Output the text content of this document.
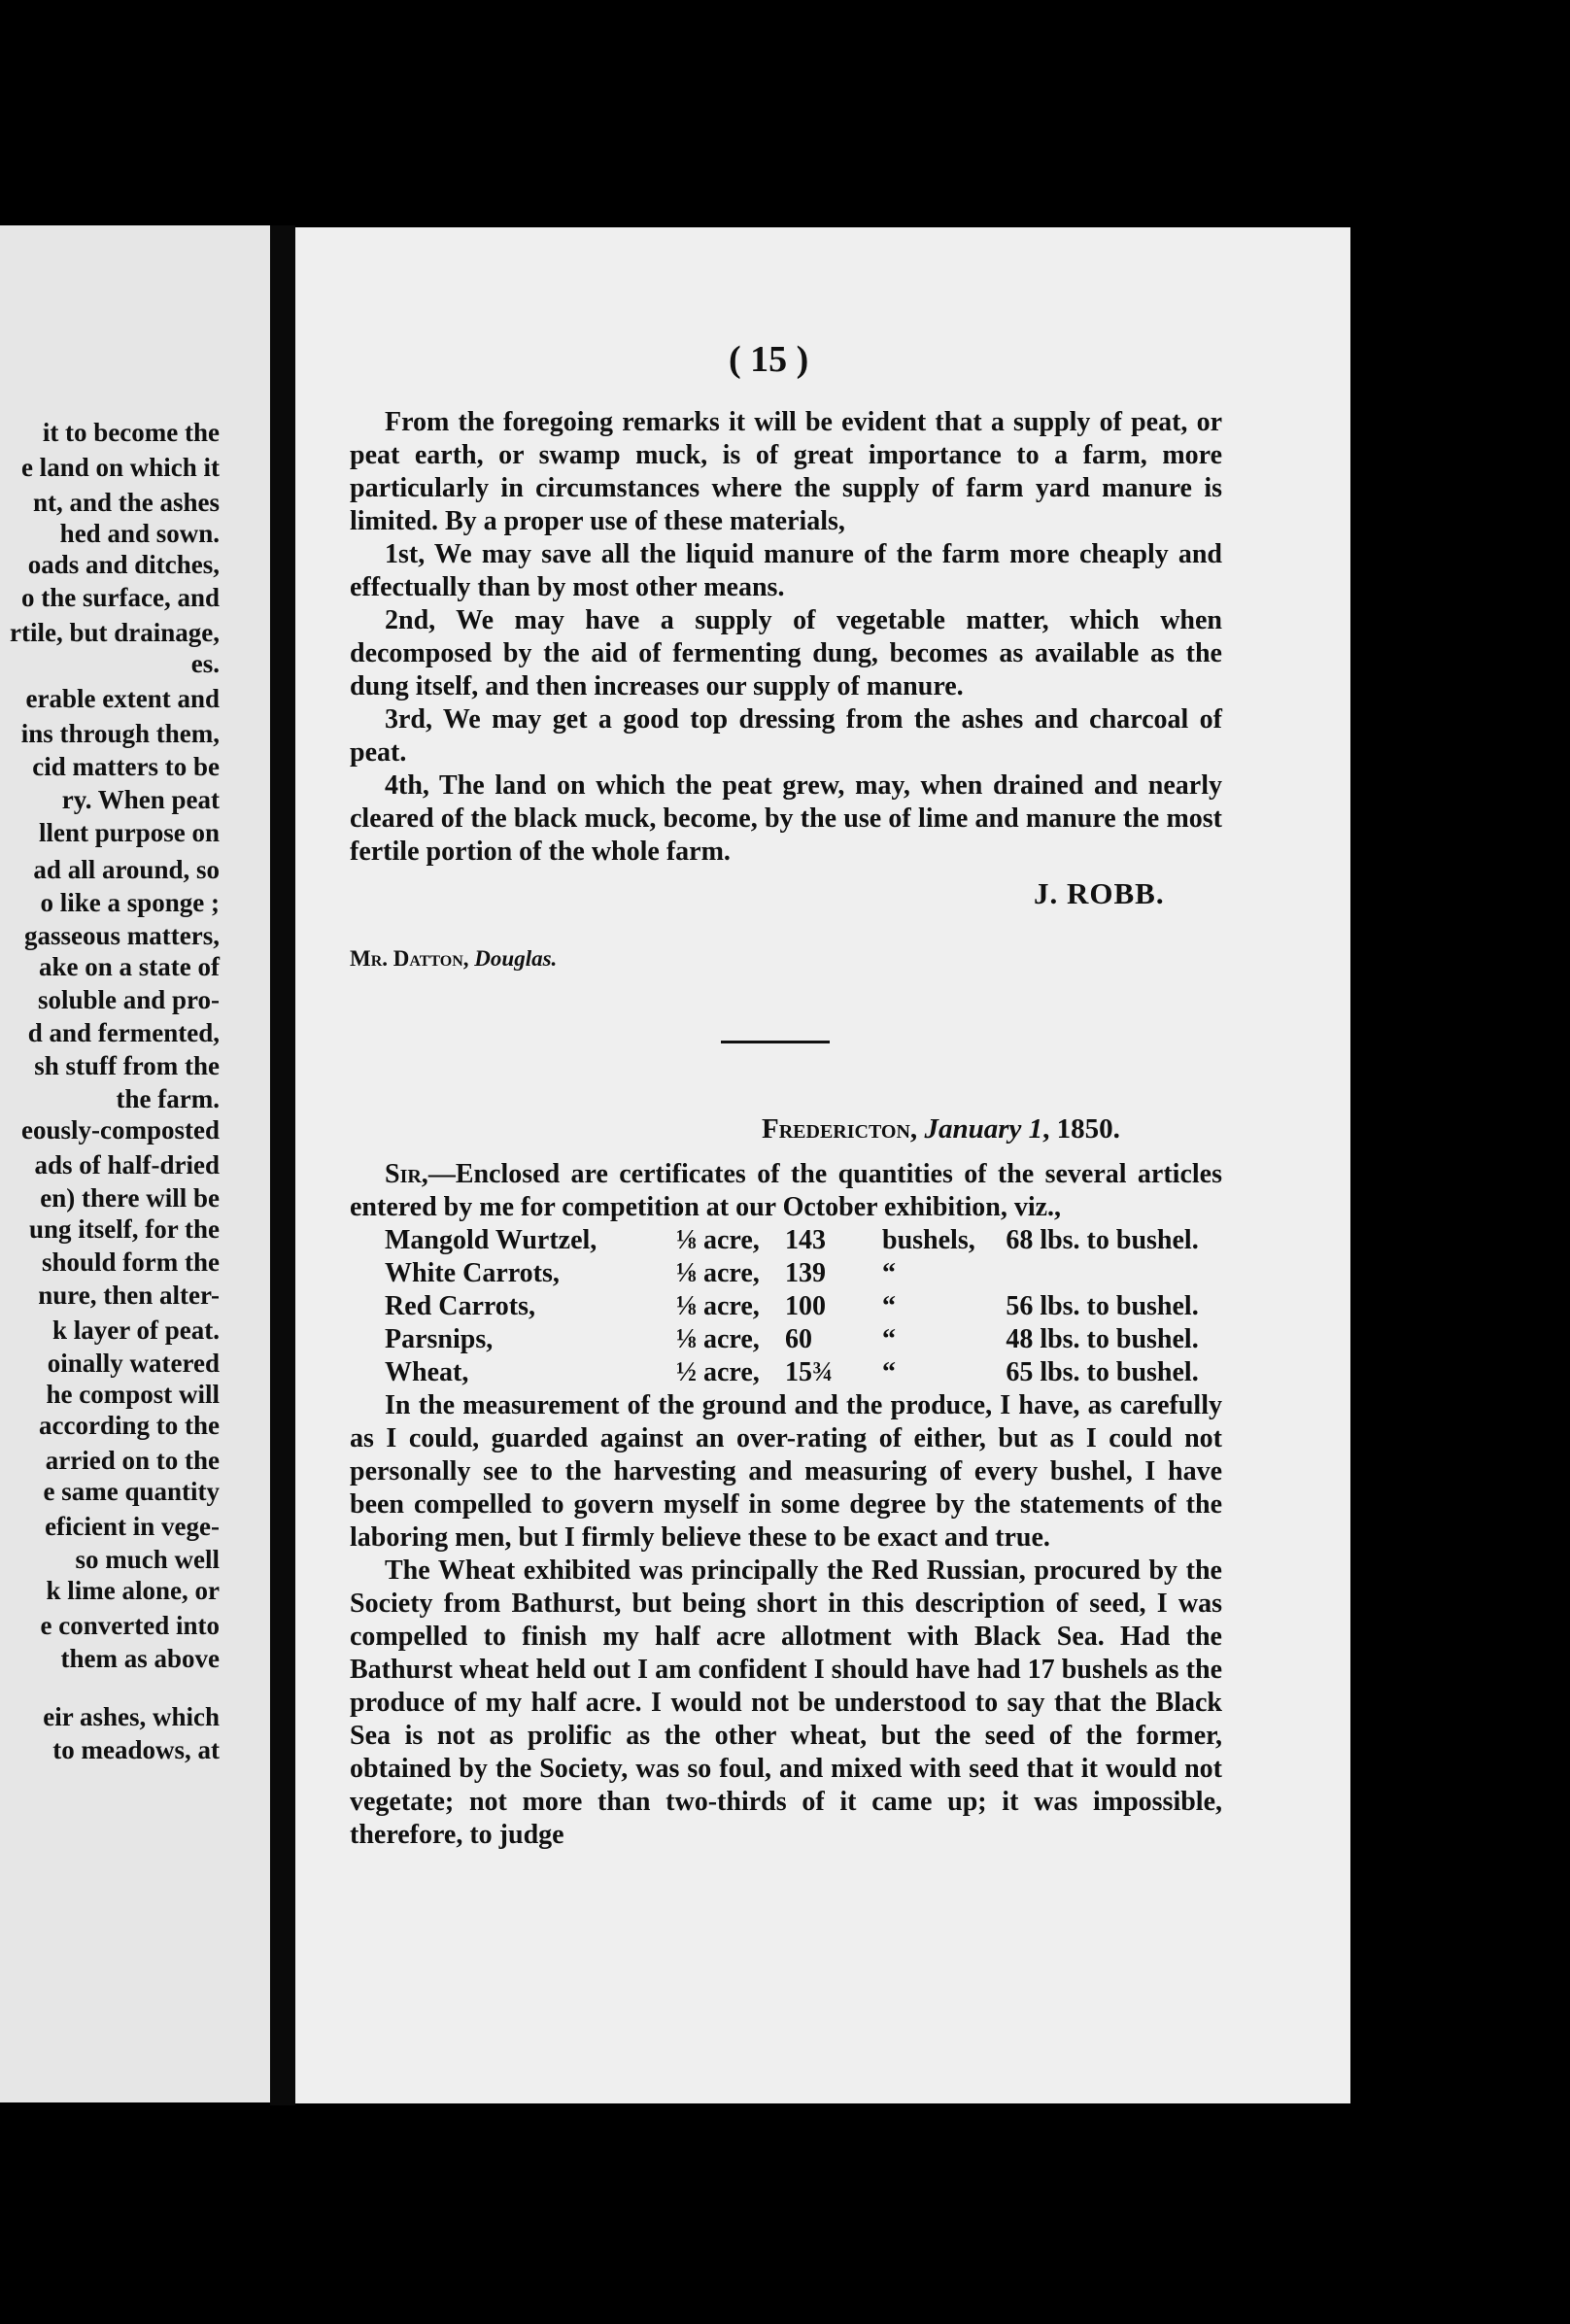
it to become the
e land on which it
nt, and the ashes
hed and sown.
oads and ditches,
o the surface, and
rtile, but drainage,
es.
erable extent and
ins through them,
cid matters to be
ry. When peat
llent purpose on
ad all around, so
o like a sponge ;
gasseous matters,
ake on a state of
soluble and pro-
d and fermented,
sh stuff from the
the farm.
eously-composted
ads of half-dried
en) there will be
ung itself, for the
should form the
nure, then alter-
k layer of peat.
oinally watered
he compost will
according to the
arried on to the
e same quantity
eficient in vege-
so much well
k lime alone, or
e converted into
them as above
eir ashes, which
to meadows, at
( 15 )

From the foregoing remarks it will be evident that a supply of peat, or peat earth, or swamp muck, is of great importance to a farm, more particularly in circumstances where the supply of farm yard manure is limited. By a proper use of these materials,

1st, We may save all the liquid manure of the farm more cheaply and effectually than by most other means.

2nd, We may have a supply of vegetable matter, which when decomposed by the aid of fermenting dung, becomes as available as the dung itself, and then increases our supply of manure.

3rd, We may get a good top dressing from the ashes and charcoal of peat.

4th, The land on which the peat grew, may, when drained and nearly cleared of the black muck, become, by the use of lime and manure the most fertile portion of the whole farm.

J. ROBB.
Mr. Datton, Douglas.
Fredericton, January 1, 1850.

Sir,—Enclosed are certificates of the quantities of the several articles entered by me for competition at our October exhibition, viz.,

Mangold Wurtzel,	⅛ acre,	143	bushels,	68 lbs. to bushel.
White Carrots,	⅛ acre,	139	“	
Red Carrots,	⅛ acre,	100	“	56 lbs. to bushel.
Parsnips,	⅛ acre,	60	“	48 lbs. to bushel.
Wheat,	½ acre,	15¾	“	65 lbs. to bushel.

In the measurement of the ground and the produce, I have, as carefully as I could, guarded against an over-rating of either, but as I could not personally see to the harvesting and measuring of every bushel, I have been compelled to govern myself in some degree by the statements of the laboring men, but I firmly believe these to be exact and true.

The Wheat exhibited was principally the Red Russian, procured by the Society from Bathurst, but being short in this description of seed, I was compelled to finish my half acre allotment with Black Sea. Had the Bathurst wheat held out I am confident I should have had 17 bushels as the produce of my half acre. I would not be understood to say that the Black Sea is not as prolific as the other wheat, but the seed of the former, obtained by the Society, was so foul, and mixed with seed that it would not vegetate; not more than two-thirds of it came up; it was impossible, therefore, to judge
